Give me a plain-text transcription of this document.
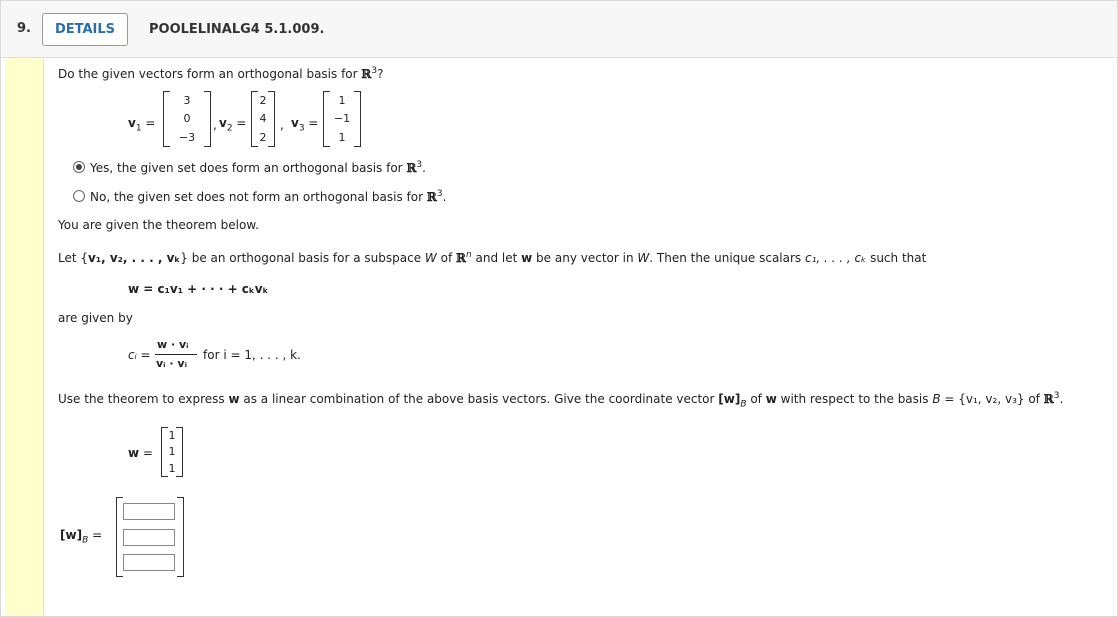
9.	DETAILS	POOLELINALG4 5.1.009.
Do the given vectors form an orthogonal basis for ℝ$^3$?
$v_1$ =
3
0
−3
, $v_2$ =
2
4
2
, $v_3$ =
1
−1
1
Yes, the given set does form an orthogonal basis for ℝ$^3$.
No, the given set does not form an orthogonal basis for ℝ$^3$.
You are given the theorem below.
Let {v₁, v₂, . . . , vₖ} be an orthogonal basis for a subspace W of ℝ$^n$ and let w be any vector in W. Then the unique scalars c₁, . . . , cₖ such that
w = c₁v₁ + · · · + cₖvₖ
are given by
cᵢ =
w · vᵢ
vᵢ · vᵢ
for i = 1, . . . , k.
Use the theorem to express w as a linear combination of the above basis vectors. Give the coordinate vector $[w]_B$ of w with respect to the basis B = {v₁, v₂, v₃} of ℝ$^3$.
w =
1
1
1
$[w]_B$ =
